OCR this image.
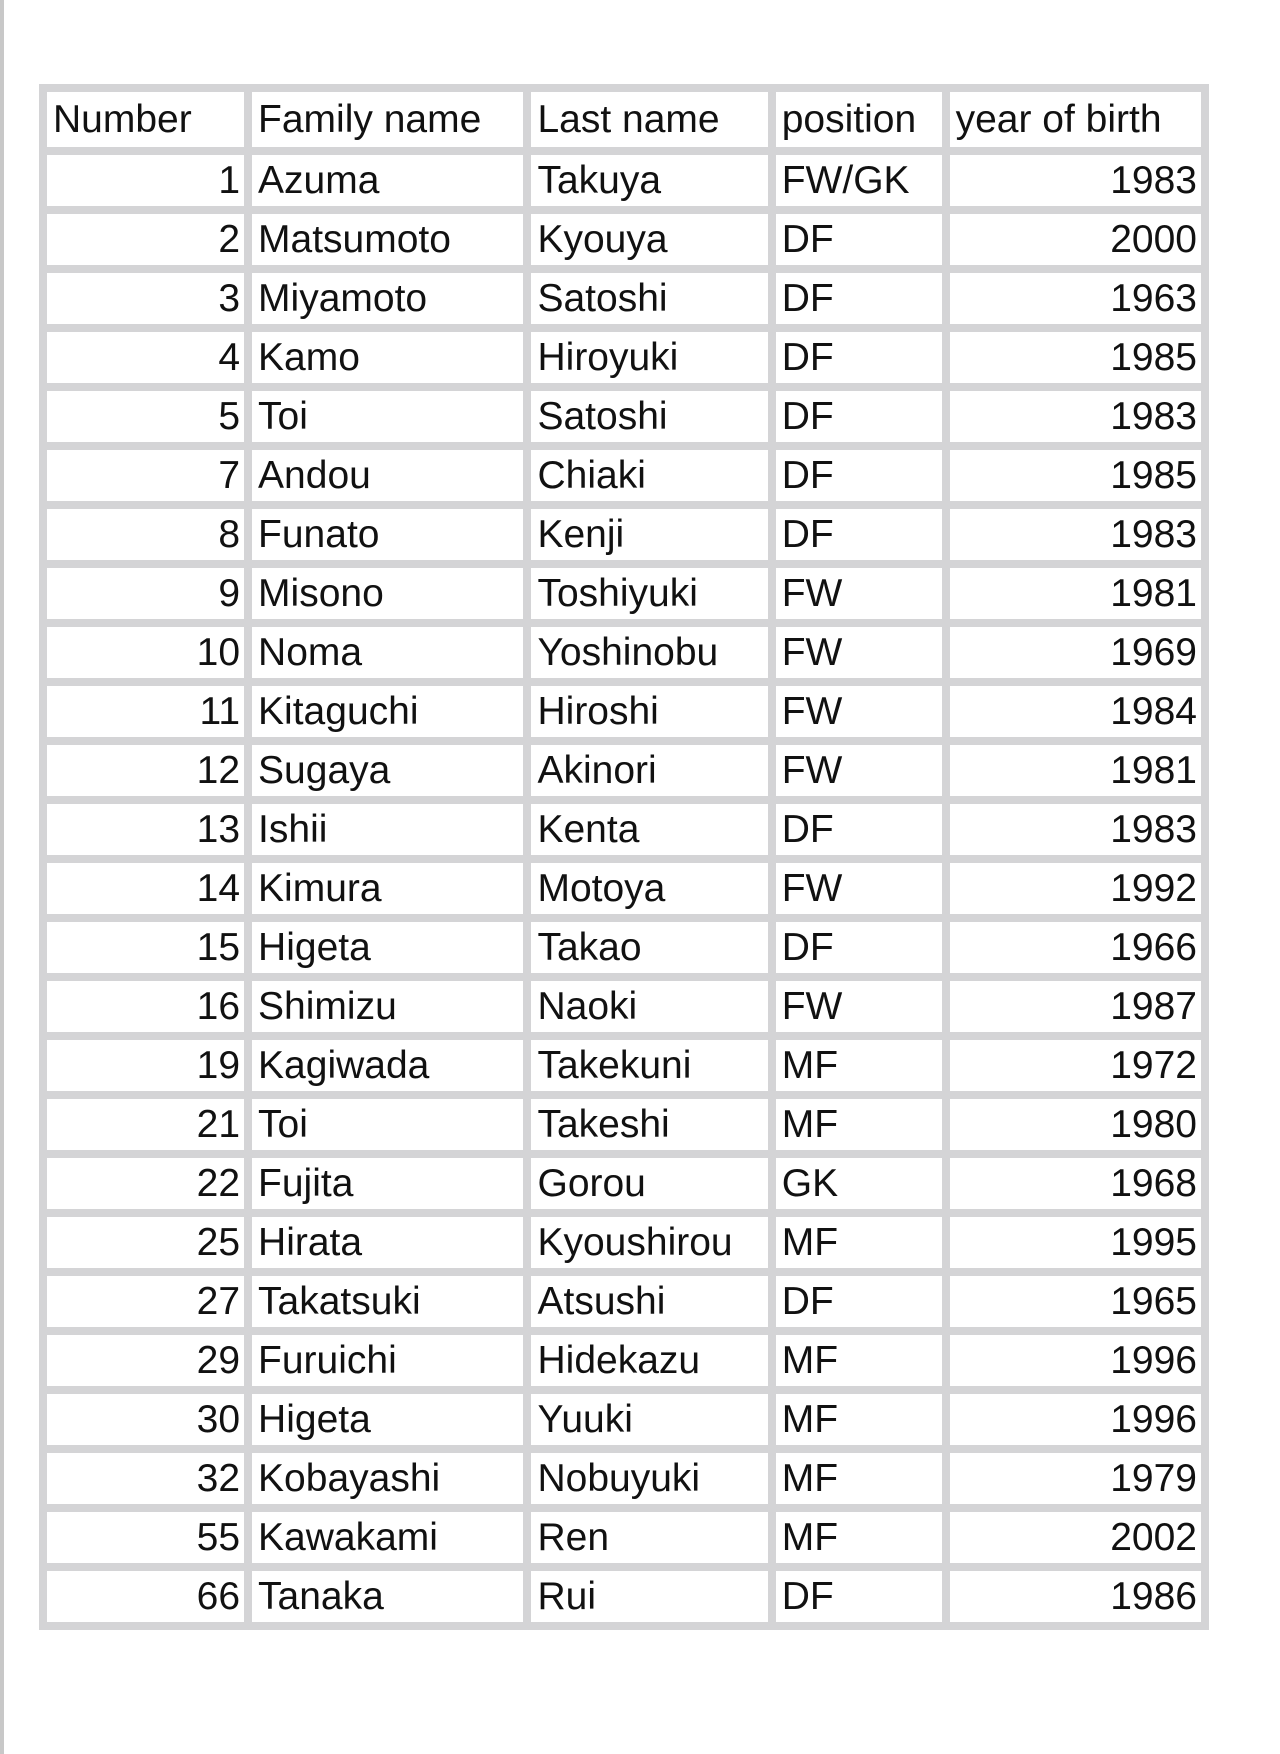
Number	Family name	Last name	position	year of birth
1	Azuma	Takuya	FW/GK	1983
2	Matsumoto	Kyouya	DF	2000
3	Miyamoto	Satoshi	DF	1963
4	Kamo	Hiroyuki	DF	1985
5	Toi	Satoshi	DF	1983
7	Andou	Chiaki	DF	1985
8	Funato	Kenji	DF	1983
9	Misono	Toshiyuki	FW	1981
10	Noma	Yoshinobu	FW	1969
11	Kitaguchi	Hiroshi	FW	1984
12	Sugaya	Akinori	FW	1981
13	Ishii	Kenta	DF	1983
14	Kimura	Motoya	FW	1992
15	Higeta	Takao	DF	1966
16	Shimizu	Naoki	FW	1987
19	Kagiwada	Takekuni	MF	1972
21	Toi	Takeshi	MF	1980
22	Fujita	Gorou	GK	1968
25	Hirata	Kyoushirou	MF	1995
27	Takatsuki	Atsushi	DF	1965
29	Furuichi	Hidekazu	MF	1996
30	Higeta	Yuuki	MF	1996
32	Kobayashi	Nobuyuki	MF	1979
55	Kawakami	Ren	MF	2002
66	Tanaka	Rui	DF	1986
